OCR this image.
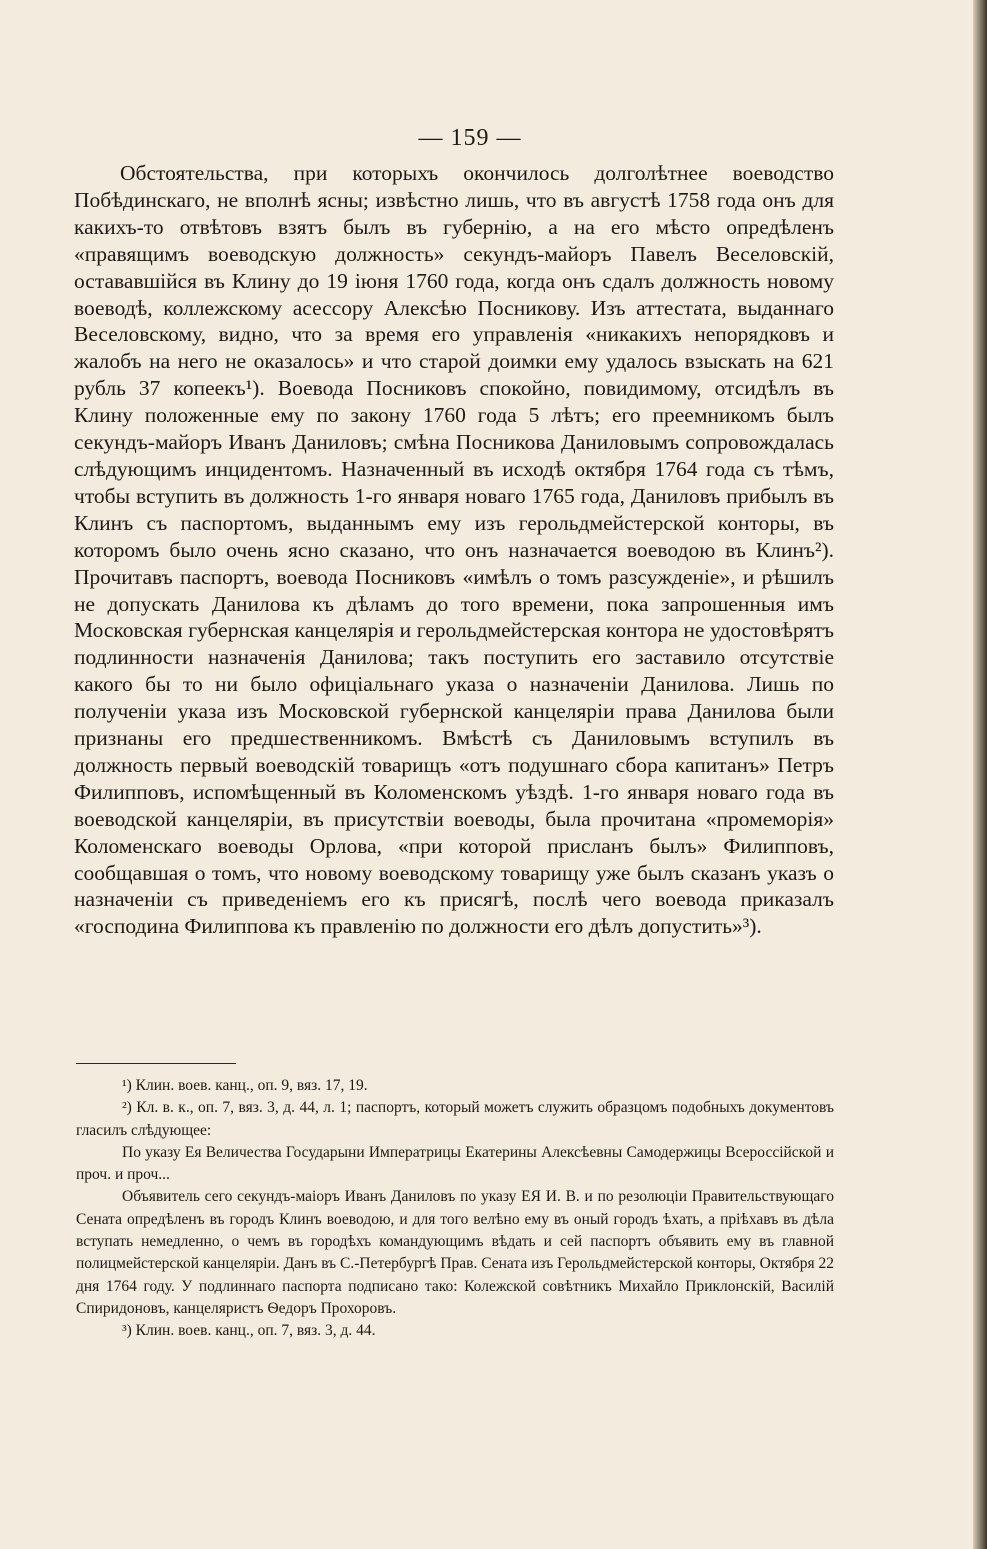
— 159 —

Обстоятельства, при которыхъ окончилось долголѣтнее воеводство Побѣдинскаго, не вполнѣ ясны; извѣстно лишь, что въ августѣ 1758 года онъ для какихъ-то отвѣтовъ взятъ былъ въ губернію, а на его мѣсто опредѣленъ «правящимъ воеводскую должность» секундъ-майоръ Павелъ Веселовскій, остававшійся въ Клину до 19 іюня 1760 года, когда онъ сдалъ должность новому воеводѣ, коллежскому асессору Алексѣю Посникову. Изъ аттестата, выданнаго Веселовскому, видно, что за время его управленія «никакихъ непорядковъ и жалобъ на него не оказалось» и что старой доимки ему удалось взыскать на 621 рубль 37 копеекъ¹). Воевода Посниковъ спокойно, повидимому, отсидѣлъ въ Клину положенные ему по закону 1760 года 5 лѣтъ; его преемникомъ былъ секундъ-майоръ Иванъ Даниловъ; смѣна Посникова Даниловымъ сопровождалась слѣдующимъ инцидентомъ. Назначенный въ исходѣ октября 1764 года съ тѣмъ, чтобы вступить въ должность 1-го января новаго 1765 года, Даниловъ прибылъ въ Клинъ съ паспортомъ, выданнымъ ему изъ герольдмейстерской конторы, въ которомъ было очень ясно сказано, что онъ назначается воеводою въ Клинъ²). Прочитавъ паспортъ, воевода Посниковъ «имѣлъ о томъ разсужденіе», и рѣшилъ не допускать Данилова къ дѣламъ до того времени, пока запрошенныя имъ Московская губернская канцелярія и герольдмейстерская контора не удостовѣрятъ подлинности назначенія Данилова; такъ поступить его заставило отсутствіе какого бы то ни было офиціальнаго указа о назначеніи Данилова. Лишь по полученіи указа изъ Московской губернской канцеляріи права Данилова были признаны его предшественникомъ. Вмѣстѣ съ Даниловымъ вступилъ въ должность первый воеводскій товарищъ «отъ подушнаго сбора капитанъ» Петръ Филипповъ, испомѣщенный въ Коломенскомъ уѣздѣ. 1-го января новаго года въ воеводской канцеляріи, въ присутствіи воеводы, была прочитана «промеморія» Коломенскаго воеводы Орлова, «при которой присланъ былъ» Филипповъ, сообщавшая о томъ, что новому воеводскому товарищу уже былъ сказанъ указъ о назначеніи съ приведеніемъ его къ присягѣ, послѣ чего воевода приказалъ «господина Филиппова къ правленію по должности его дѣлъ допустить»³).

¹) Клин. воев. канц., оп. 9, вяз. 17, 19.

²) Кл. в. к., оп. 7, вяз. 3, д. 44, л. 1; паспортъ, который можетъ служить образцомъ подобныхъ документовъ гласилъ слѣдующее:

По указу Ея Величества Государыни Императрицы Екатерины Алексѣевны Самодержицы Всероссійской и проч. и проч...

Объявитель сего секундъ-маіоръ Иванъ Даниловъ по указу ЕЯ И. В. и по резолюціи Правительствующаго Сената опредѣленъ въ городъ Клинъ воеводою, и для того велѣно ему въ оный городъ ѣхать, а пріѣхавъ въ дѣла вступать немедленно, о чемъ въ городѣхъ командующимъ вѣдать и сей паспортъ объявить ему въ главной полицмейстерской канцеляріи. Данъ въ С.-Петербургѣ Прав. Сената изъ Герольдмейстерской конторы, Октября 22 дня 1764 году. У подлиннаго паспорта подписано тако: Колежской совѣтникъ Михайло Приклонскій, Василій Спиридоновъ, канцеляристъ Ѳедоръ Прохоровъ.

³) Клин. воев. канц., оп. 7, вяз. 3, д. 44.
